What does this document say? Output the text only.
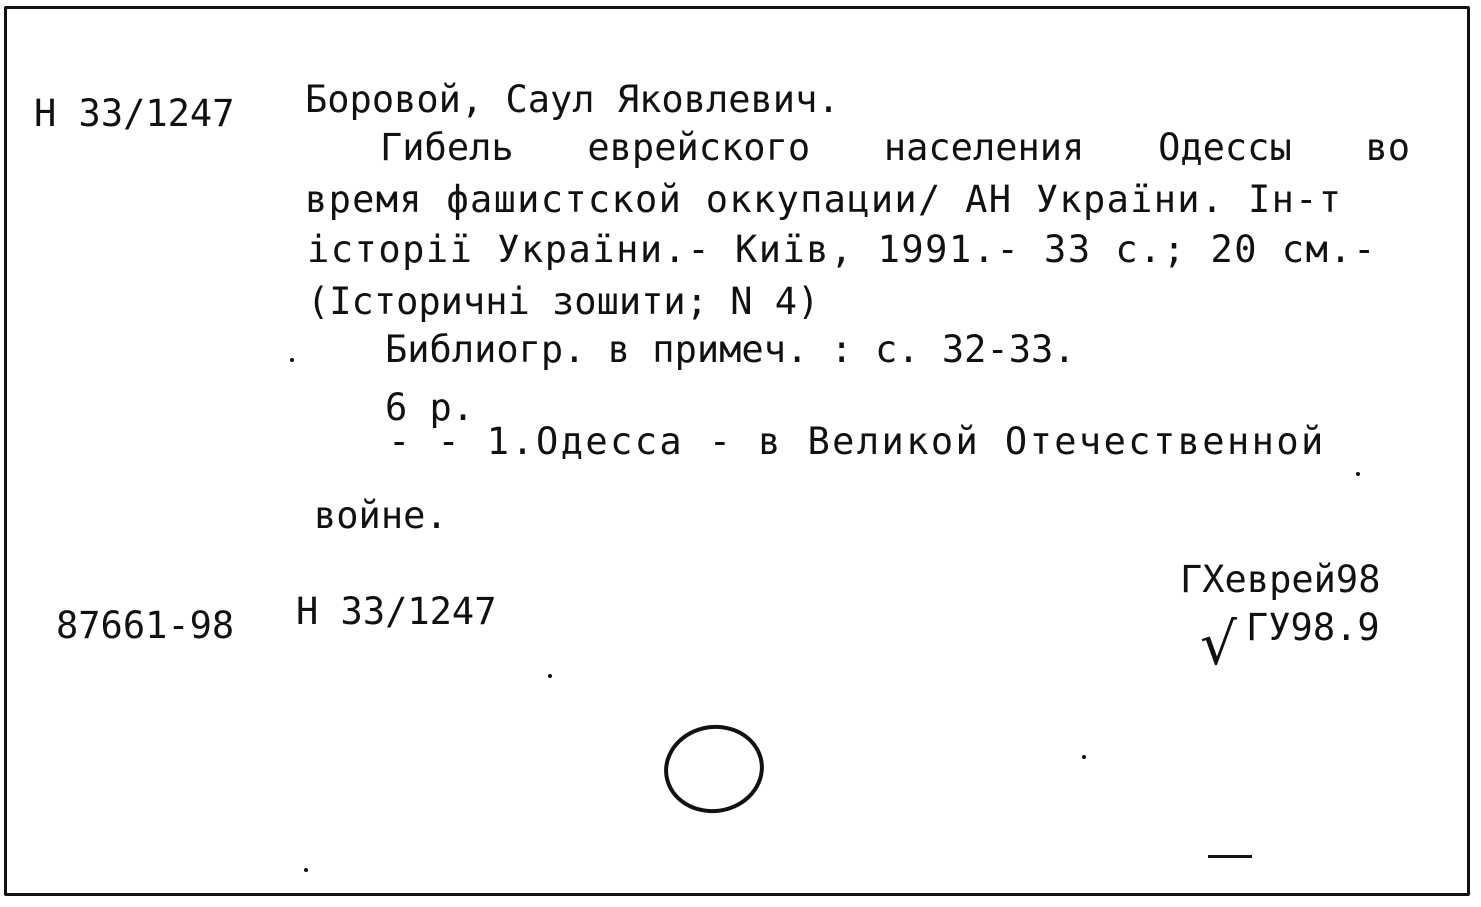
Н 33/1247 Боровой, Саул Яковлевич.
Гибель еврейского населения Одессы во
время фашистской оккупации/ АН України. Ін-т
історії України.- Київ, 1991.- 33 с.; 20 см.-
(Історичні зошити; N 4)
Библиогр. в примеч. : с. 32-33.
6 р.
- - 1.Одесса - в Великой Отечественной
войне.
87661-98 Н 33/1247
ГХеврей98
√ ГУ98.9
